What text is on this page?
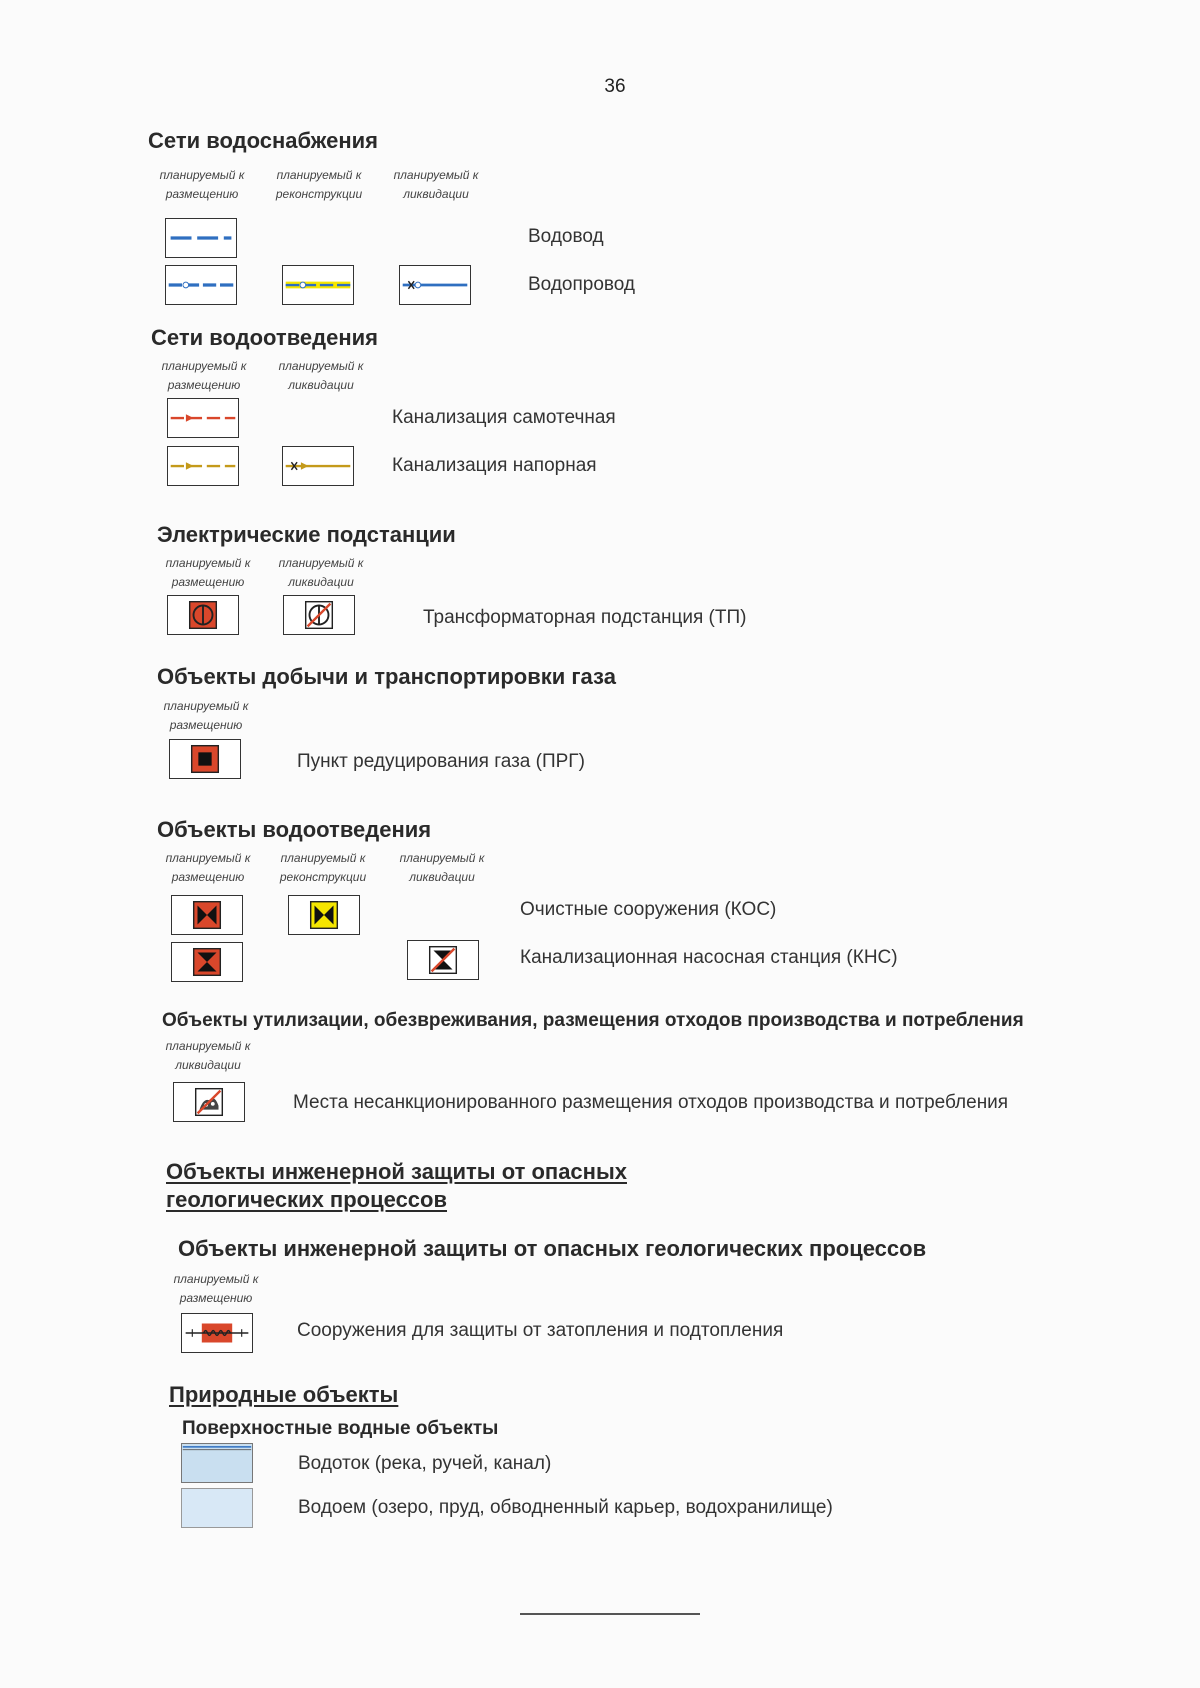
36
Сети водоснабжения
планируемый к
размещению
планируемый к
реконструкции
планируемый к
ликвидации
Водовод
Водопровод
Сети водоотведения
планируемый к
размещению
планируемый к
ликвидации
Канализация самотечная
Канализация напорная
Электрические подстанции
планируемый к
размещению
планируемый к
ликвидации
Трансформаторная подстанция (ТП)
Объекты добычи и транспортировки газа
планируемый к
размещению
Пункт редуцирования газа (ПРГ)
Объекты водоотведения
планируемый к
размещению
планируемый к
реконструкции
планируемый к
ликвидации
Очистные сооружения (КОС)
Канализационная насосная станция (КНС)
Объекты утилизации, обезвреживания, размещения отходов производства и потребления
планируемый к
ликвидации
Места несанкционированного размещения отходов производства и потребления
Объекты инженерной защиты от опасных
геологических процессов
Объекты инженерной защиты от опасных геологических процессов
планируемый к
размещению
Сооружения для защиты от затопления и подтопления
Природные объекты
Поверхностные водные объекты
Водоток (река, ручей, канал)
Водоем (озеро, пруд, обводненный карьер, водохранилище)
